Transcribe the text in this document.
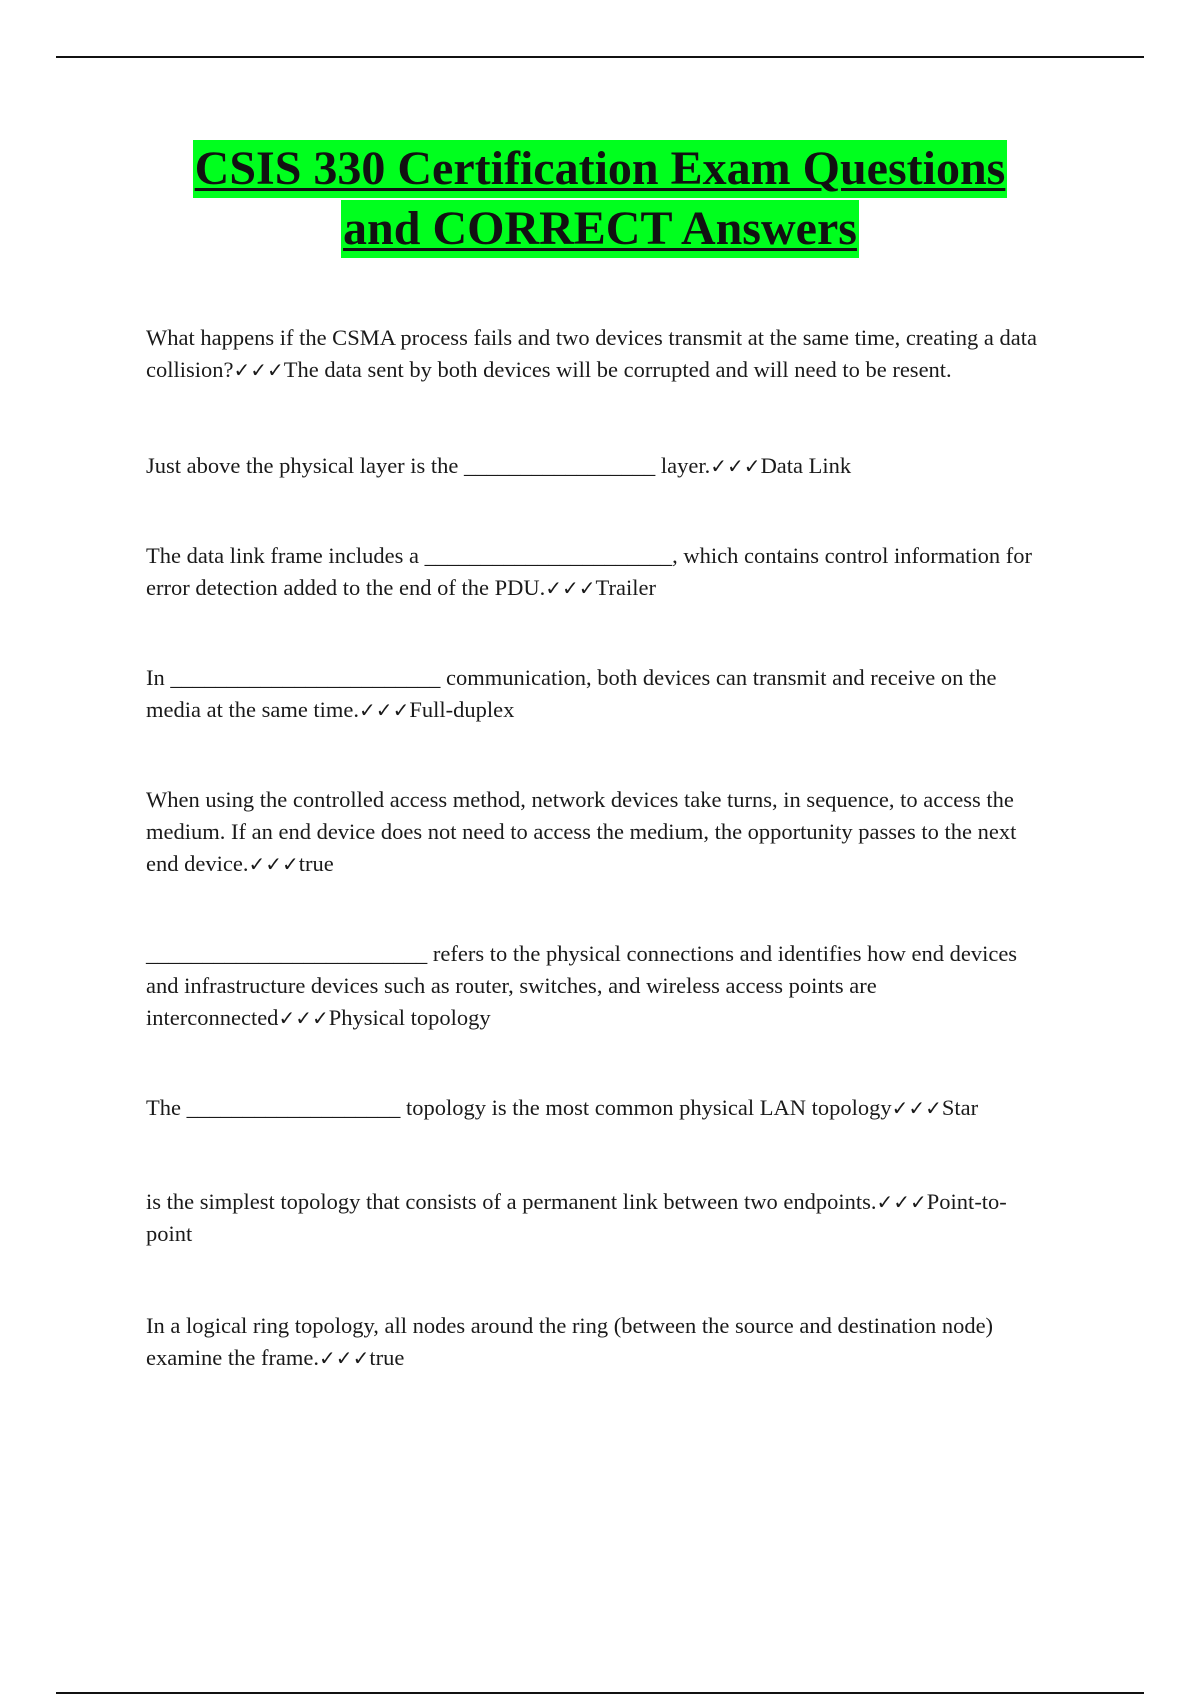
CSIS 330 Certification Exam Questions
and CORRECT Answers

What happens if the CSMA process fails and two devices transmit at the same time, creating a data collision?✓✓✓The data sent by both devices will be corrupted and will need to be resent.

Just above the physical layer is the _________________ layer.✓✓✓Data Link

The data link frame includes a ______________________, which contains control information for error detection added to the end of the PDU.✓✓✓Trailer

In ________________________ communication, both devices can transmit and receive on the media at the same time.✓✓✓Full-duplex

When using the controlled access method, network devices take turns, in sequence, to access the medium. If an end device does not need to access the medium, the opportunity passes to the next end device.✓✓✓true

_________________________ refers to the physical connections and identifies how end devices and infrastructure devices such as router, switches, and wireless access points are interconnected✓✓✓Physical topology

The ___________________ topology is the most common physical LAN topology✓✓✓Star

is the simplest topology that consists of a permanent link between two endpoints.✓✓✓Point-to-point

In a logical ring topology, all nodes around the ring (between the source and destination node) examine the frame.✓✓✓true
